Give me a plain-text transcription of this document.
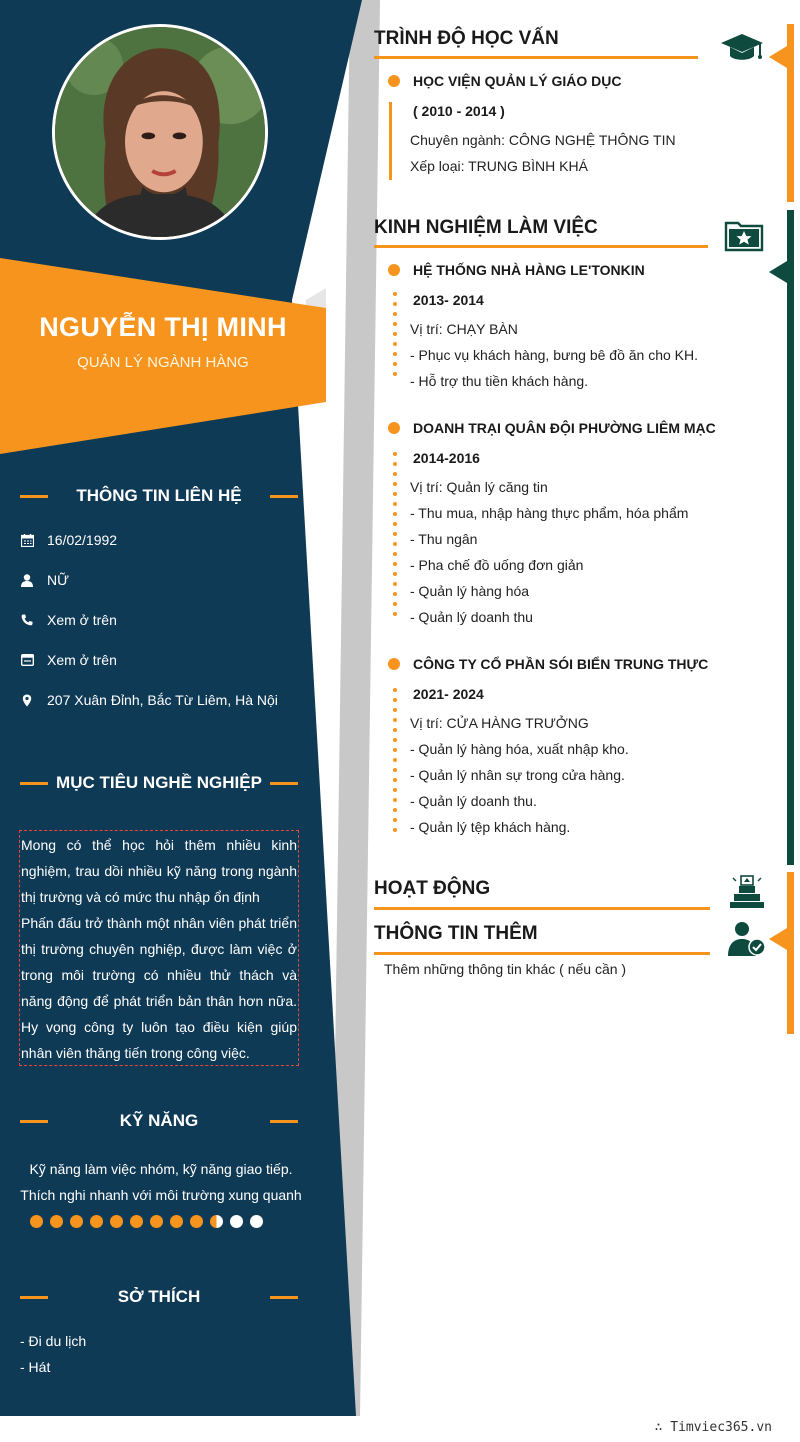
NGUYỄN THỊ MINH
QUẢN LÝ NGÀNH HÀNG
THÔNG TIN LIÊN HỆ
16/02/1992
NỮ
Xem ở trên
Xem ở trên
207 Xuân Đỉnh, Bắc Từ Liêm, Hà Nội
MỤC TIÊU NGHỀ NGHIỆP

Mong có thể học hỏi thêm nhiều kinh nghiệm, trau dồi nhiều kỹ năng trong ngành thị trường và có mức thu nhập ổn định

Phấn đấu trở thành một nhân viên phát triển thị trường chuyên nghiệp, được làm việc ở trong môi trường có nhiều thử thách và năng động để phát triển bản thân hơn nữa. Hy vọng công ty luôn tạo điều kiện giúp nhân viên thăng tiến trong công việc.

KỸ NĂNG
Kỹ năng làm việc nhóm, kỹ năng giao tiếp.
Thích nghi nhanh với môi trường xung quanh
SỞ THÍCH
- Đi du lịch
- Hát
TRÌNH ĐỘ HỌC VẤN
HỌC VIỆN QUẢN LÝ GIÁO DỤC
( 2010 - 2014 )
Chuyên ngành: CÔNG NGHỆ THÔNG TIN
Xếp loại: TRUNG BÌNH KHÁ
KINH NGHIỆM LÀM VIỆC
HỆ THỐNG NHÀ HÀNG LE'TONKIN
2013- 2014
Vị trí: CHẠY BÀN
- Phục vụ khách hàng, bưng bê đồ ăn cho KH.
- Hỗ trợ thu tiền khách hàng.
DOANH TRẠI QUÂN ĐỘI PHƯỜNG LIÊM MẠC
2014-2016
Vị trí: Quản lý căng tin
- Thu mua, nhập hàng thực phẩm, hóa phẩm
- Thu ngân
- Pha chế đồ uống đơn giản
- Quản lý hàng hóa
- Quản lý doanh thu
CÔNG TY CỔ PHẦN SÓI BIỂN TRUNG THỰC
2021- 2024
Vị trí: CỬA HÀNG TRƯỞNG
- Quản lý hàng hóa, xuất nhập kho.
- Quản lý nhân sự trong cửa hàng.
- Quản lý doanh thu.
- Quản lý tệp khách hàng.
HOẠT ĐỘNG
THÔNG TIN THÊM
Thêm những thông tin khác ( nếu cần )
∴ Timviec365.vn
